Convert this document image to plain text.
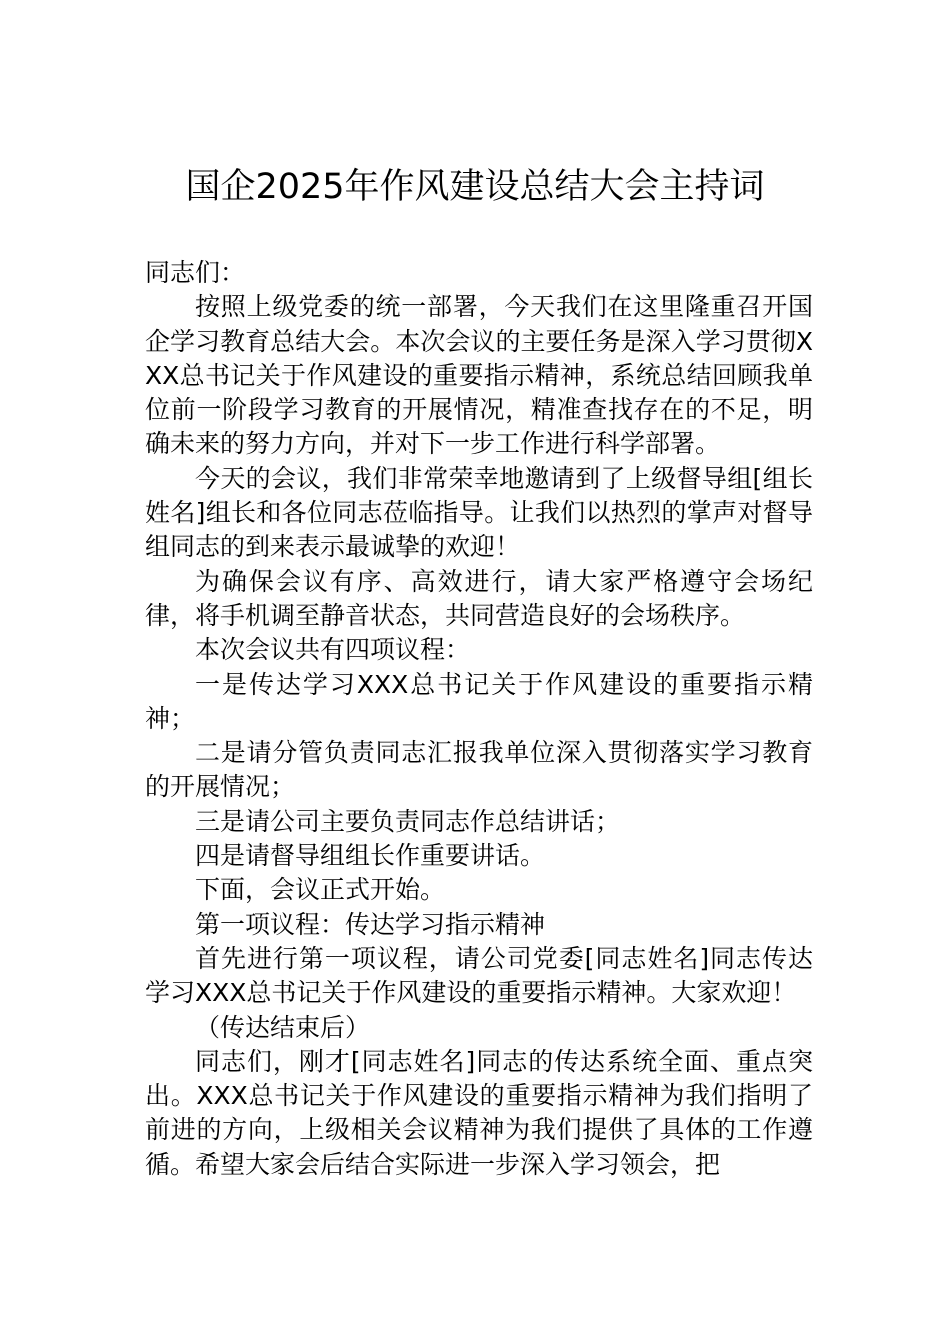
国企2025年作风建设总结大会主持词

同志们：

按照上级党委的统一部署，今天我们在这里隆重召开国企学习教育总结大会。本次会议的主要任务是深入学习贯彻XXX总书记关于作风建设的重要指示精神，系统总结回顾我单位前一阶段学习教育的开展情况，精准查找存在的不足，明确未来的努力方向，并对下一步工作进行科学部署。

今天的会议，我们非常荣幸地邀请到了上级督导组[组长姓名]组长和各位同志莅临指导。让我们以热烈的掌声对督导组同志的到来表示最诚挚的欢迎！

为确保会议有序、高效进行，请大家严格遵守会场纪律，将手机调至静音状态，共同营造良好的会场秩序。

本次会议共有四项议程：

一是传达学习XXX总书记关于作风建设的重要指示精神；

二是请分管负责同志汇报我单位深入贯彻落实学习教育的开展情况；

三是请公司主要负责同志作总结讲话；

四是请督导组组长作重要讲话。

下面，会议正式开始。

第一项议程：传达学习指示精神

首先进行第一项议程，请公司党委[同志姓名]同志传达学习XXX总书记关于作风建设的重要指示精神。大家欢迎！

（传达结束后）

同志们，刚才[同志姓名]同志的传达系统全面、重点突出。XXX总书记关于作风建设的重要指示精神为我们指明了前进的方向，上级相关会议精神为我们提供了具体的工作遵循。希望大家会后结合实际进一步深入学习领会，把
